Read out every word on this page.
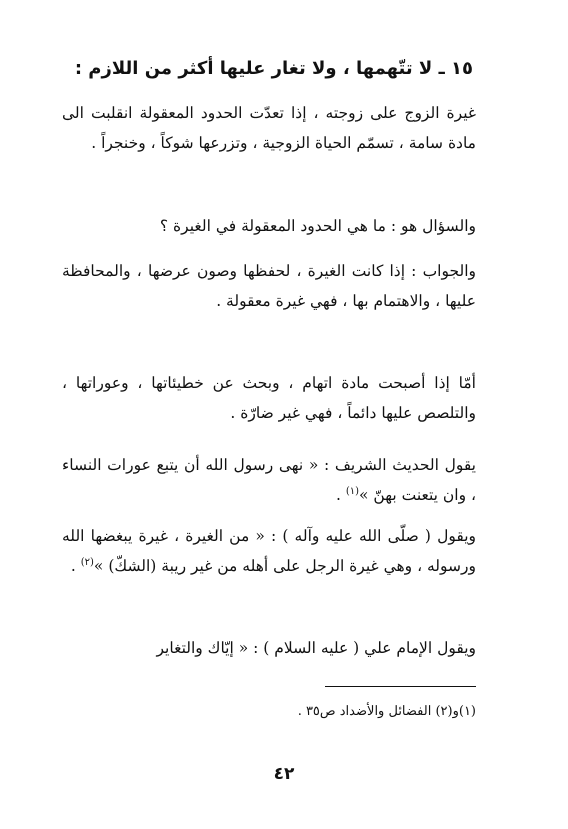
١٥ ـ لا تتّهمها ، ولا تغار عليها أكثر من اللازم :
غيرة الزوج على زوجته ، إذا تعدّت الحدود المعقولة انقلبت الى مادة سامة ، تسمّم الحياة الزوجية ، وتزرعها شوكاً ، وخنجراً .
والسؤال هو : ما هي الحدود المعقولة في الغيرة ؟
والجواب : إذا كانت الغيرة ، لحفظها وصون عرضها ، والمحافظة عليها ، والاهتمام بها ، فهي غيرة معقولة .
أمّا إذا أصبحت مادة اتهام ، وبحث عن خطيئاتها ، وعوراتها ، والتلصص عليها دائماً ، فهي غير ضارّة .
يقول الحديث الشريف : « نهى رسول الله أن يتبع عورات النساء ، وان يتعنت بهنّ »$^{(١)}$ .
ويقول ( صلّى الله عليه وآله ) : « من الغيرة ، غيرة يبغضها الله ورسوله ، وهي غيرة الرجل على أهله من غير ريبة (الشكّ) »$^{(٢)}$ .
ويقول الإمام علي ( عليه السلام ) : « إيّاك والتغاير
(١)و(٢) الفضائل والأضداد ص٣٥ .
٤٢
